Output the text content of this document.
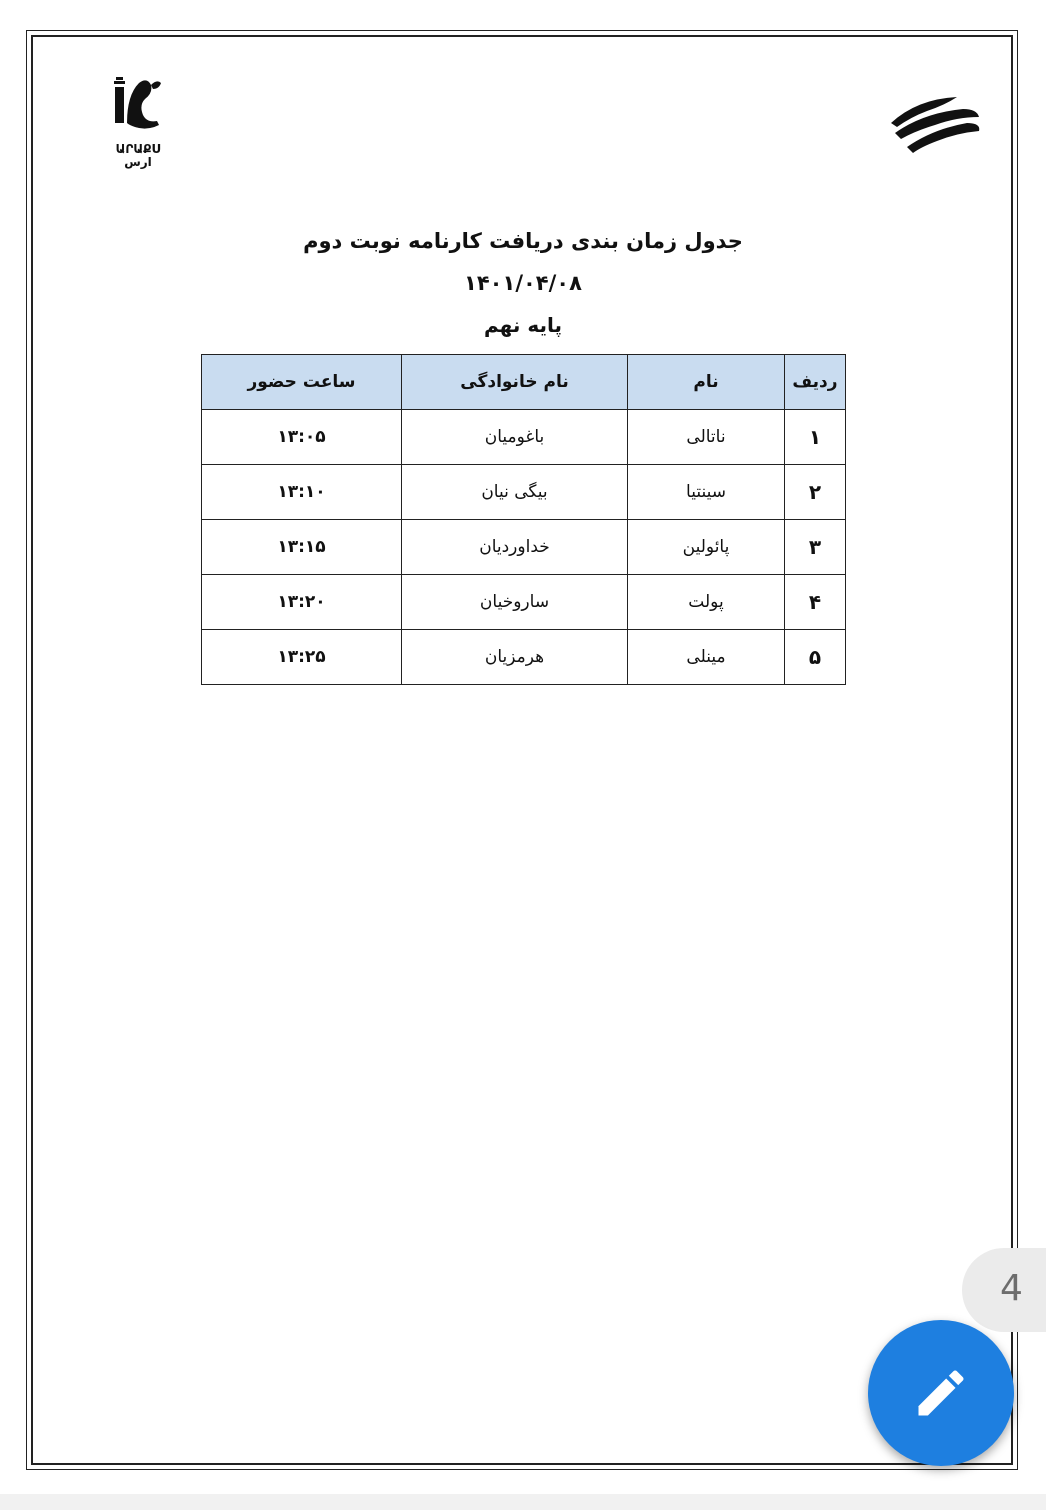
ԱՐԱՔՍ
ارس
جدول زمان بندی دریافت کارنامه نوبت دوم
۱۴۰۱/۰۴/۰۸
پایه نهم
ردیف	نام	نام خانوادگی	ساعت حضور
۱	ناتالی	باغومیان	۱۳:۰۵
۲	سینتیا	بیگی نیان	۱۳:۱۰
۳	پائولین	خداوردیان	۱۳:۱۵
۴	پولت	ساروخیان	۱۳:۲۰
۵	مینلی	هرمزیان	۱۳:۲۵
4
